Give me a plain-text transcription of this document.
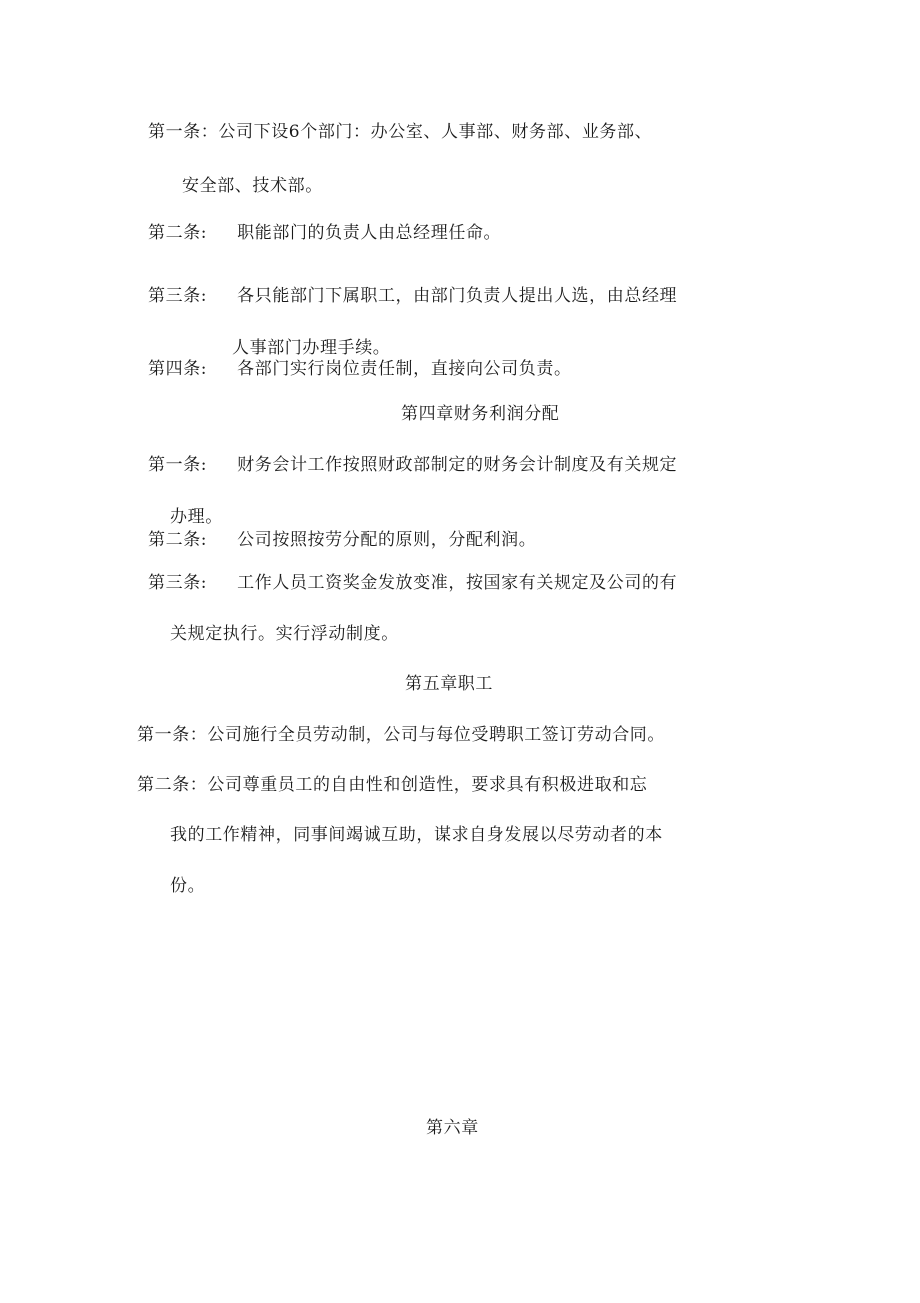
第一条：公司下设6个部门：办公室、人事部、财务部、业务部、
安全部、技术部。
第二条: 职能部门的负责人由总经理任命。
第三条: 各只能部门下属职工，由部门负责人提出人选，由总经理
人事部门办理手续。
第四条: 各部门实行岗位责任制，直接向公司负责。
第四章财务利润分配
第一条: 财务会计工作按照财政部制定的财务会计制度及有关规定
办理。
第二条: 公司按照按劳分配的原则，分配利润。
第三条: 工作人员工资奖金发放变准，按国家有关规定及公司的有
关规定执行。实行浮动制度。
第五章职工
第一条：公司施行全员劳动制，公司与每位受聘职工签订劳动合同。
第二条：公司尊重员工的自由性和创造性，要求具有积极进取和忘
我的工作精神，同事间竭诚互助，谋求自身发展以尽劳动者的本
份。
第六章
